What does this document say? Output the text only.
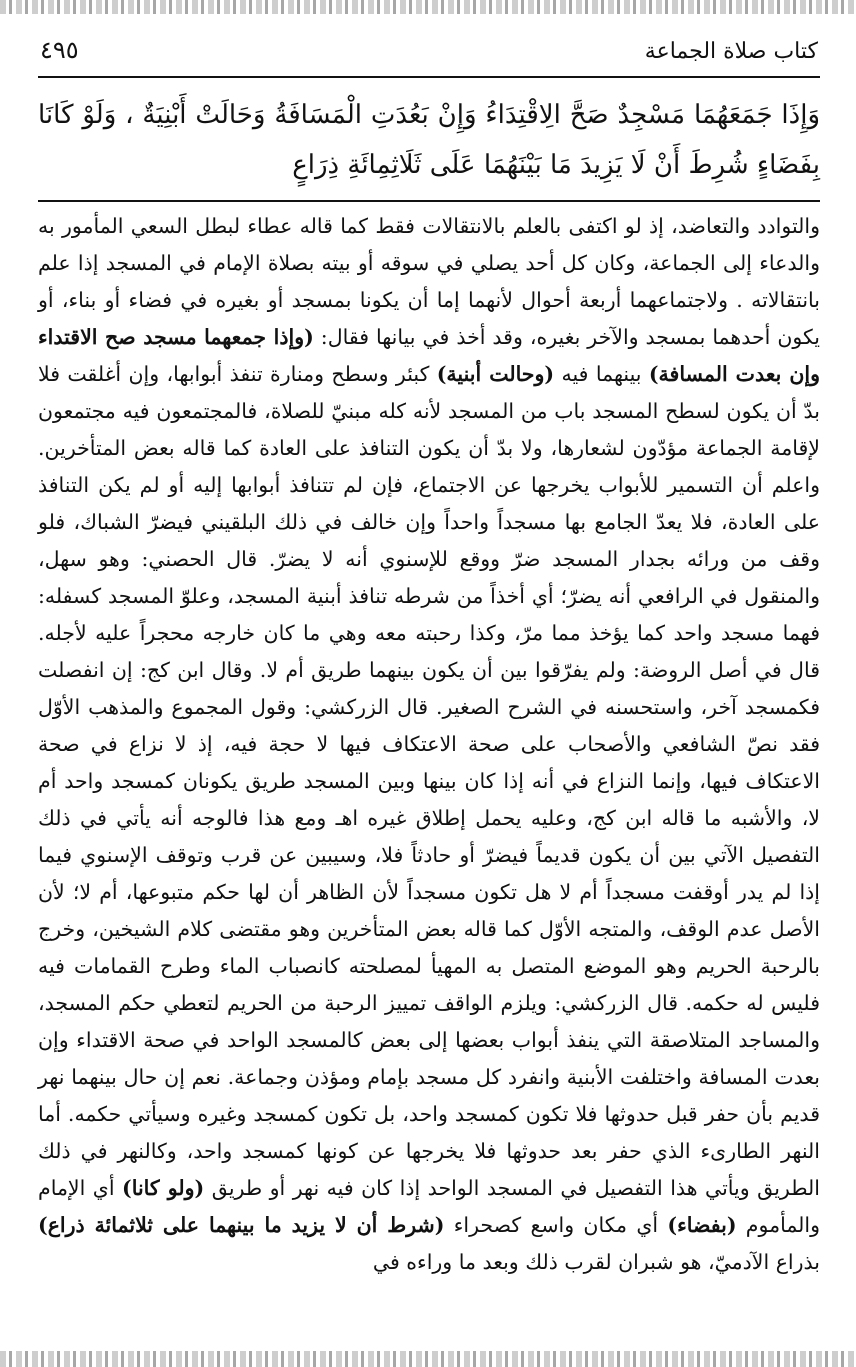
كتاب صلاة الجماعة
٤٩٥

وَإِذَا جَمَعَهُمَا مَسْجِدٌ صَحَّ الِاقْتِدَاءُ وَإِنْ بَعُدَتِ الْمَسَافَةُ وَحَالَتْ أَبْنِيَةٌ ، وَلَوْ كَانَا بِفَضَاءٍ شُرِطَ أَنْ لَا يَزِيدَ مَا بَيْنَهُمَا عَلَى ثَلَاثِمِائَةِ ذِرَاعٍ

والتوادد والتعاضد، إذ لو اكتفى بالعلم بالانتقالات فقط كما قاله عطاء لبطل السعي المأمور به والدعاء إلى الجماعة، وكان كل أحد يصلي في سوقه أو بيته بصلاة الإمام في المسجد إذا علم بانتقالاته . ولاجتماعهما أربعة أحوال لأنهما إما أن يكونا بمسجد أو بغيره في فضاء أو بناء، أو يكون أحدهما بمسجد والآخر بغيره، وقد أخذ في بيانها فقال: (وإذا جمعهما مسجد صح الاقتداء وإن بعدت المسافة) بينهما فيه (وحالت أبنية) كبئر وسطح ومنارة تنفذ أبوابها، وإن أغلقت فلا بدّ أن يكون لسطح المسجد باب من المسجد لأنه كله مبنيّ للصلاة، فالمجتمعون فيه مجتمعون لإقامة الجماعة مؤدّون لشعارها، ولا بدّ أن يكون التنافذ على العادة كما قاله بعض المتأخرين. واعلم أن التسمير للأبواب يخرجها عن الاجتماع، فإن لم تتنافذ أبوابها إليه أو لم يكن التنافذ على العادة، فلا يعدّ الجامع بها مسجداً واحداً وإن خالف في ذلك البلقيني فيضرّ الشباك، فلو وقف من ورائه بجدار المسجد ضرّ ووقع للإسنوي أنه لا يضرّ. قال الحصني: وهو سهل، والمنقول في الرافعي أنه يضرّ؛ أي أخذاً من شرطه تنافذ أبنية المسجد، وعلوّ المسجد كسفله: فهما مسجد واحد كما يؤخذ مما مرّ، وكذا رحبته معه وهي ما كان خارجه محجراً عليه لأجله. قال في أصل الروضة: ولم يفرّقوا بين أن يكون بينهما طريق أم لا. وقال ابن كج: إن انفصلت فكمسجد آخر، واستحسنه في الشرح الصغير. قال الزركشي: وقول المجموع والمذهب الأوّل فقد نصّ الشافعي والأصحاب على صحة الاعتكاف فيها لا حجة فيه، إذ لا نزاع في صحة الاعتكاف فيها، وإنما النزاع في أنه إذا كان بينها وبين المسجد طريق يكونان كمسجد واحد أم لا، والأشبه ما قاله ابن كج، وعليه يحمل إطلاق غيره اهـ ومع هذا فالوجه أنه يأتي في ذلك التفصيل الآتي بين أن يكون قديماً فيضرّ أو حادثاً فلا، وسيبين عن قرب وتوقف الإسنوي فيما إذا لم يدر أوقفت مسجداً أم لا هل تكون مسجداً لأن الظاهر أن لها حكم متبوعها، أم لا؛ لأن الأصل عدم الوقف، والمتجه الأوّل كما قاله بعض المتأخرين وهو مقتضى كلام الشيخين، وخرج بالرحبة الحريم وهو الموضع المتصل به المهيأ لمصلحته كانصباب الماء وطرح القمامات فيه فليس له حكمه. قال الزركشي: ويلزم الواقف تمييز الرحبة من الحريم لتعطي حكم المسجد، والمساجد المتلاصقة التي ينفذ أبواب بعضها إلى بعض كالمسجد الواحد في صحة الاقتداء وإن بعدت المسافة واختلفت الأبنية وانفرد كل مسجد بإمام ومؤذن وجماعة. نعم إن حال بينهما نهر قديم بأن حفر قبل حدوثها فلا تكون كمسجد واحد، بل تكون كمسجد وغيره وسيأتي حكمه. أما النهر الطارىء الذي حفر بعد حدوثها فلا يخرجها عن كونها كمسجد واحد، وكالنهر في ذلك الطريق ويأتي هذا التفصيل في المسجد الواحد إذا كان فيه نهر أو طريق (ولو كانا) أي الإمام والمأموم (بفضاء) أي مكان واسع كصحراء (شرط أن لا يزيد ما بينهما على ثلاثمائة ذراع) بذراع الآدميّ، هو شبران لقرب ذلك وبعد ما وراءه في
